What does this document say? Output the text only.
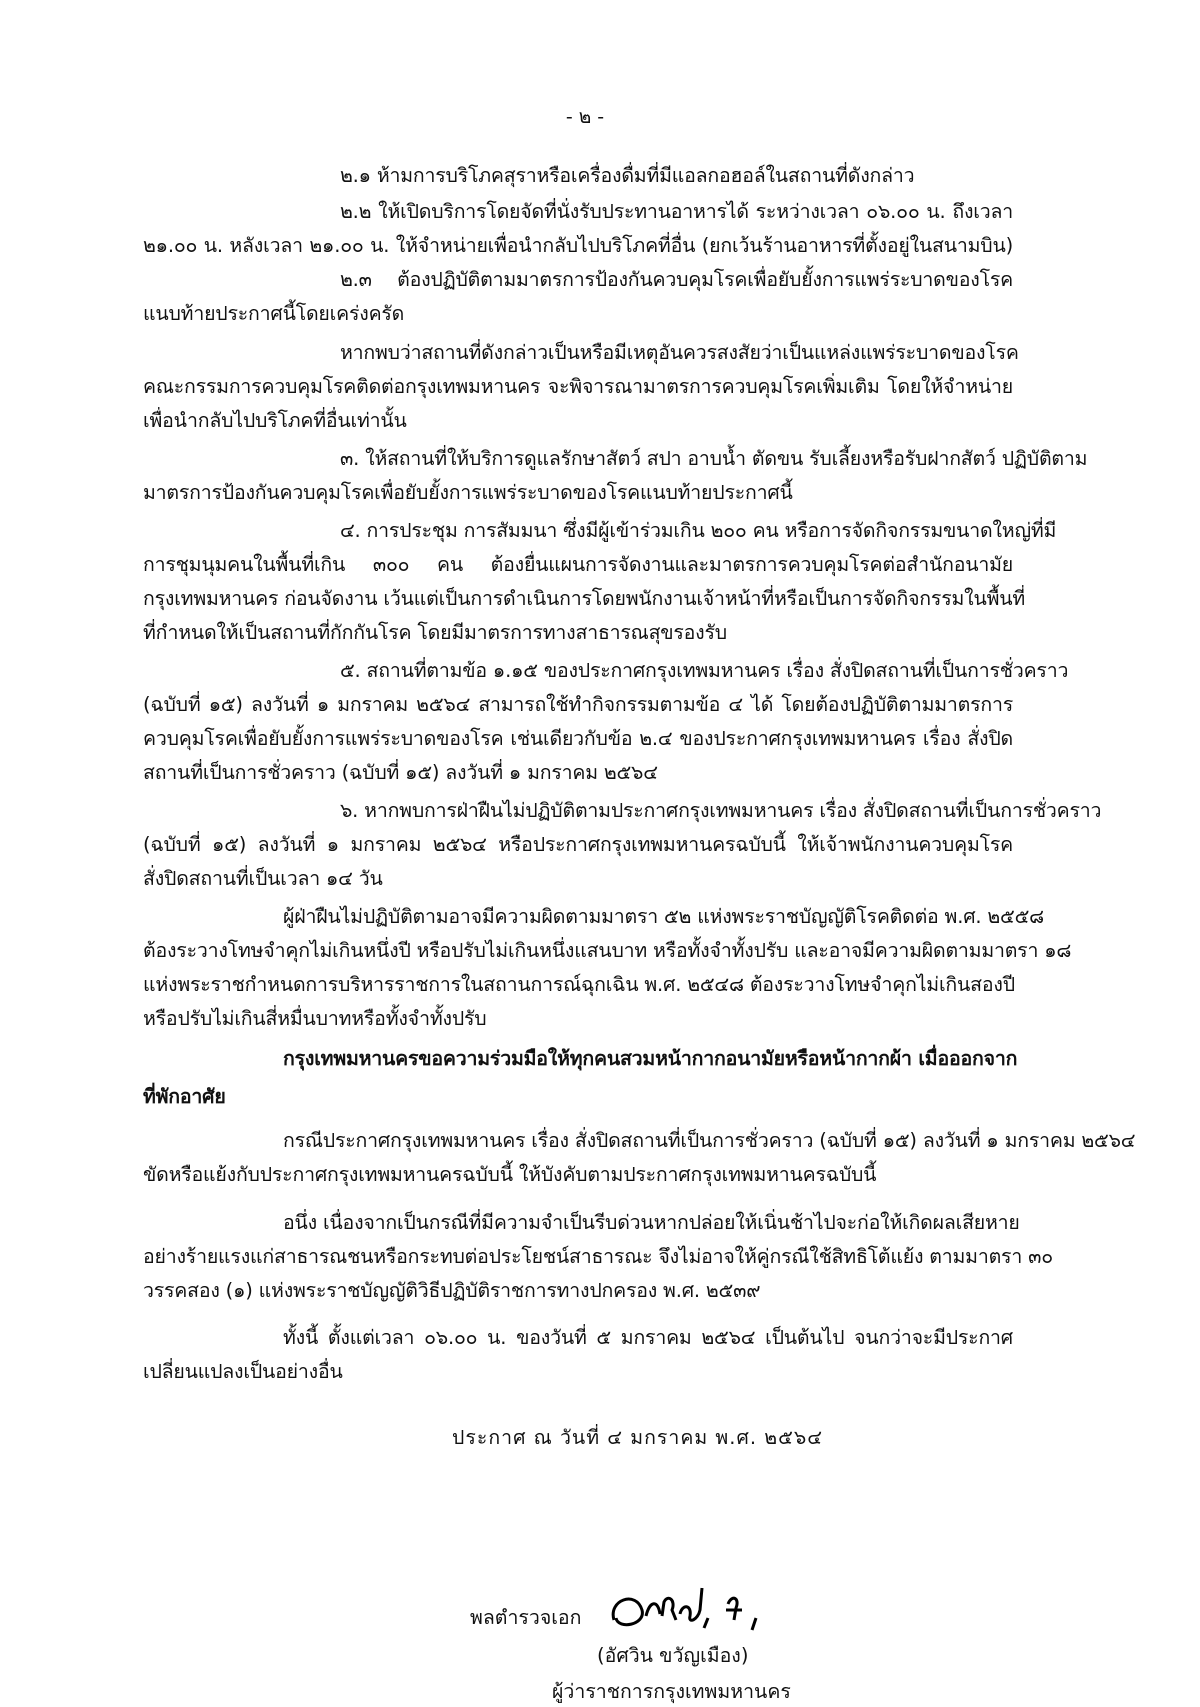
- ๒ -
๒.๑ ห้ามการบริโภคสุราหรือเครื่องดื่มที่มีแอลกอฮอล์ในสถานที่ดังกล่าว
๒.๒ ให้เปิดบริการโดยจัดที่นั่งรับประทานอาหารได้ ระหว่างเวลา ๐๖.๐๐ น. ถึงเวลา
๒๑.๐๐ น. หลังเวลา ๒๑.๐๐ น. ให้จำหน่ายเพื่อนำกลับไปบริโภคที่อื่น (ยกเว้นร้านอาหารที่ตั้งอยู่ในสนามบิน)
๒.๓ ต้องปฏิบัติตามมาตรการป้องกันควบคุมโรคเพื่อยับยั้งการแพร่ระบาดของโรค
แนบท้ายประกาศนี้โดยเคร่งครัด
หากพบว่าสถานที่ดังกล่าวเป็นหรือมีเหตุอันควรสงสัยว่าเป็นแหล่งแพร่ระบาดของโรค
คณะกรรมการควบคุมโรคติดต่อกรุงเทพมหานคร จะพิจารณามาตรการควบคุมโรคเพิ่มเติม โดยให้จำหน่าย
เพื่อนำกลับไปบริโภคที่อื่นเท่านั้น
๓. ให้สถานที่ให้บริการดูแลรักษาสัตว์ สปา อาบน้ำ ตัดขน รับเลี้ยงหรือรับฝากสัตว์ ปฏิบัติตาม
มาตรการป้องกันควบคุมโรคเพื่อยับยั้งการแพร่ระบาดของโรคแนบท้ายประกาศนี้
๔. การประชุม การสัมมนา ซึ่งมีผู้เข้าร่วมเกิน ๒๐๐ คน หรือการจัดกิจกรรมขนาดใหญ่ที่มี
การชุมนุมคนในพื้นที่เกิน ๓๐๐ คน ต้องยื่นแผนการจัดงานและมาตรการควบคุมโรคต่อสำนักอนามัย
กรุงเทพมหานคร ก่อนจัดงาน เว้นแต่เป็นการดำเนินการโดยพนักงานเจ้าหน้าที่หรือเป็นการจัดกิจกรรมในพื้นที่
ที่กำหนดให้เป็นสถานที่กักกันโรค โดยมีมาตรการทางสาธารณสุขรองรับ
๕. สถานที่ตามข้อ ๑.๑๕ ของประกาศกรุงเทพมหานคร เรื่อง สั่งปิดสถานที่เป็นการชั่วคราว
(ฉบับที่ ๑๕) ลงวันที่ ๑ มกราคม ๒๕๖๔ สามารถใช้ทำกิจกรรมตามข้อ ๔ ได้ โดยต้องปฏิบัติตามมาตรการ
ควบคุมโรคเพื่อยับยั้งการแพร่ระบาดของโรค เช่นเดียวกับข้อ ๒.๔ ของประกาศกรุงเทพมหานคร เรื่อง สั่งปิด
สถานที่เป็นการชั่วคราว (ฉบับที่ ๑๕) ลงวันที่ ๑ มกราคม ๒๕๖๔
๖. หากพบการฝ่าฝืนไม่ปฏิบัติตามประกาศกรุงเทพมหานคร เรื่อง สั่งปิดสถานที่เป็นการชั่วคราว
(ฉบับที่ ๑๕) ลงวันที่ ๑ มกราคม ๒๕๖๔ หรือประกาศกรุงเทพมหานครฉบับนี้ ให้เจ้าพนักงานควบคุมโรค
สั่งปิดสถานที่เป็นเวลา ๑๔ วัน
ผู้ฝ่าฝืนไม่ปฏิบัติตามอาจมีความผิดตามมาตรา ๕๒ แห่งพระราชบัญญัติโรคติดต่อ พ.ศ. ๒๕๕๘
ต้องระวางโทษจำคุกไม่เกินหนึ่งปี หรือปรับไม่เกินหนึ่งแสนบาท หรือทั้งจำทั้งปรับ และอาจมีความผิดตามมาตรา ๑๘
แห่งพระราชกำหนดการบริหารราชการในสถานการณ์ฉุกเฉิน พ.ศ. ๒๕๔๘ ต้องระวางโทษจำคุกไม่เกินสองปี
หรือปรับไม่เกินสี่หมื่นบาทหรือทั้งจำทั้งปรับ
กรุงเทพมหานครขอความร่วมมือให้ทุกคนสวมหน้ากากอนามัยหรือหน้ากากผ้า เมื่อออกจาก
ที่พักอาศัย
กรณีประกาศกรุงเทพมหานคร เรื่อง สั่งปิดสถานที่เป็นการชั่วคราว (ฉบับที่ ๑๕) ลงวันที่ ๑ มกราคม ๒๕๖๔
ขัดหรือแย้งกับประกาศกรุงเทพมหานครฉบับนี้ ให้บังคับตามประกาศกรุงเทพมหานครฉบับนี้
อนึ่ง เนื่องจากเป็นกรณีที่มีความจำเป็นรีบด่วนหากปล่อยให้เนิ่นช้าไปจะก่อให้เกิดผลเสียหาย
อย่างร้ายแรงแก่สาธารณชนหรือกระทบต่อประโยชน์สาธารณะ จึงไม่อาจให้คู่กรณีใช้สิทธิโต้แย้ง ตามมาตรา ๓๐
วรรคสอง (๑) แห่งพระราชบัญญัติวิธีปฏิบัติราชการทางปกครอง พ.ศ. ๒๕๓๙
ทั้งนี้ ตั้งแต่เวลา ๐๖.๐๐ น. ของวันที่ ๕ มกราคม ๒๕๖๔ เป็นต้นไป จนกว่าจะมีประกาศ
เปลี่ยนแปลงเป็นอย่างอื่น
ประกาศ ณ วันที่ ๔ มกราคม พ.ศ. ๒๕๖๔
พลตำรวจเอก
(อัศวิน ขวัญเมือง)
ผู้ว่าราชการกรุงเทพมหานคร
